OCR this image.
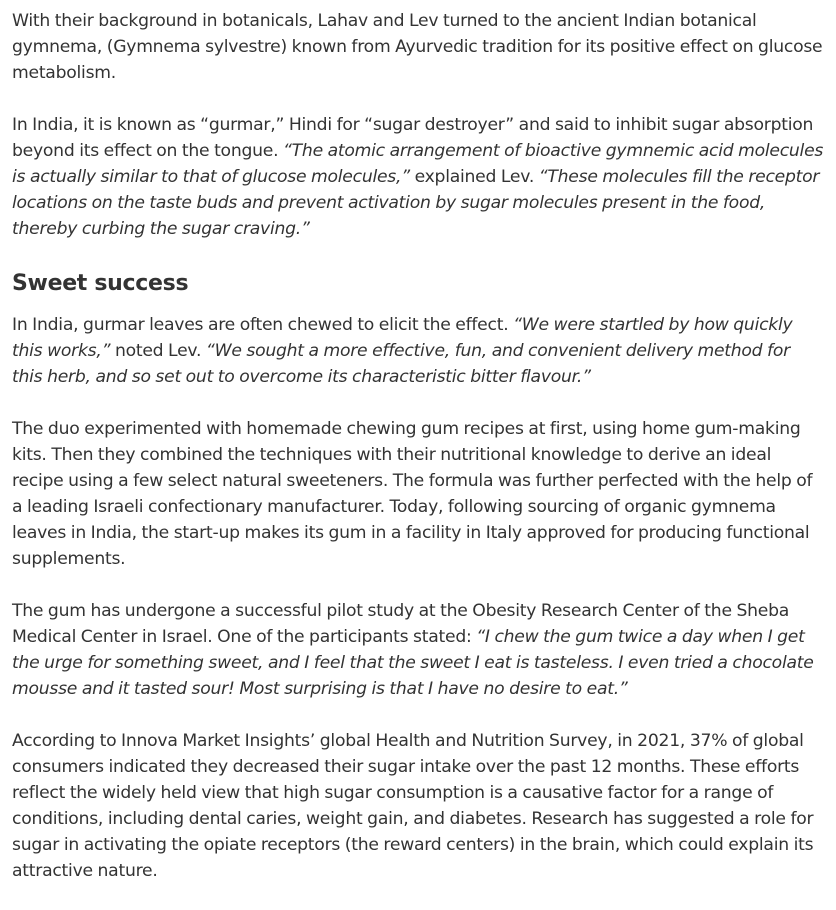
With their background in botanicals, Lahav and Lev turned to the ancient Indian botanical gymnema, (Gymnema sylvestre) known from Ayurvedic tradition for its positive effect on glucose metabolism.

In India, it is known as “gurmar,” Hindi for “sugar destroyer” and said to inhibit sugar absorption beyond its effect on the tongue. “The atomic arrangement of bioactive gymnemic acid molecules is actually similar to that of glucose molecules,” explained Lev. “These molecules fill the receptor locations on the taste buds and prevent activation by sugar molecules present in the food, thereby curbing the sugar craving.”

Sweet success

In India, gurmar leaves are often chewed to elicit the effect. “We were startled by how quickly this works,” noted Lev. “We sought a more effective, fun, and convenient delivery method for this herb, and so set out to overcome its characteristic bitter flavour.”

The duo experimented with homemade chewing gum recipes at first, using home gum-making kits. Then they combined the techniques with their nutritional knowledge to derive an ideal recipe using a few select natural sweeteners. The formula was further perfected with the help of a leading Israeli confectionary manufacturer. Today, following sourcing of organic gymnema leaves in India, the start-up makes its gum in a facility in Italy approved for producing functional supplements.

The gum has undergone a successful pilot study at the Obesity Research Center of the Sheba Medical Center in Israel. One of the participants stated: “I chew the gum twice a day when I get the urge for something sweet, and I feel that the sweet I eat is tasteless. I even tried a chocolate mousse and it tasted sour! Most surprising is that I have no desire to eat.”

According to Innova Market Insights’ global Health and Nutrition Survey, in 2021, 37% of global consumers indicated they decreased their sugar intake over the past 12 months. These efforts reflect the widely held view that high sugar consumption is a causative factor for a range of conditions, including dental caries, weight gain, and diabetes. Research has suggested a role for sugar in activating the opiate receptors (the reward centers) in the brain, which could explain its attractive nature.
